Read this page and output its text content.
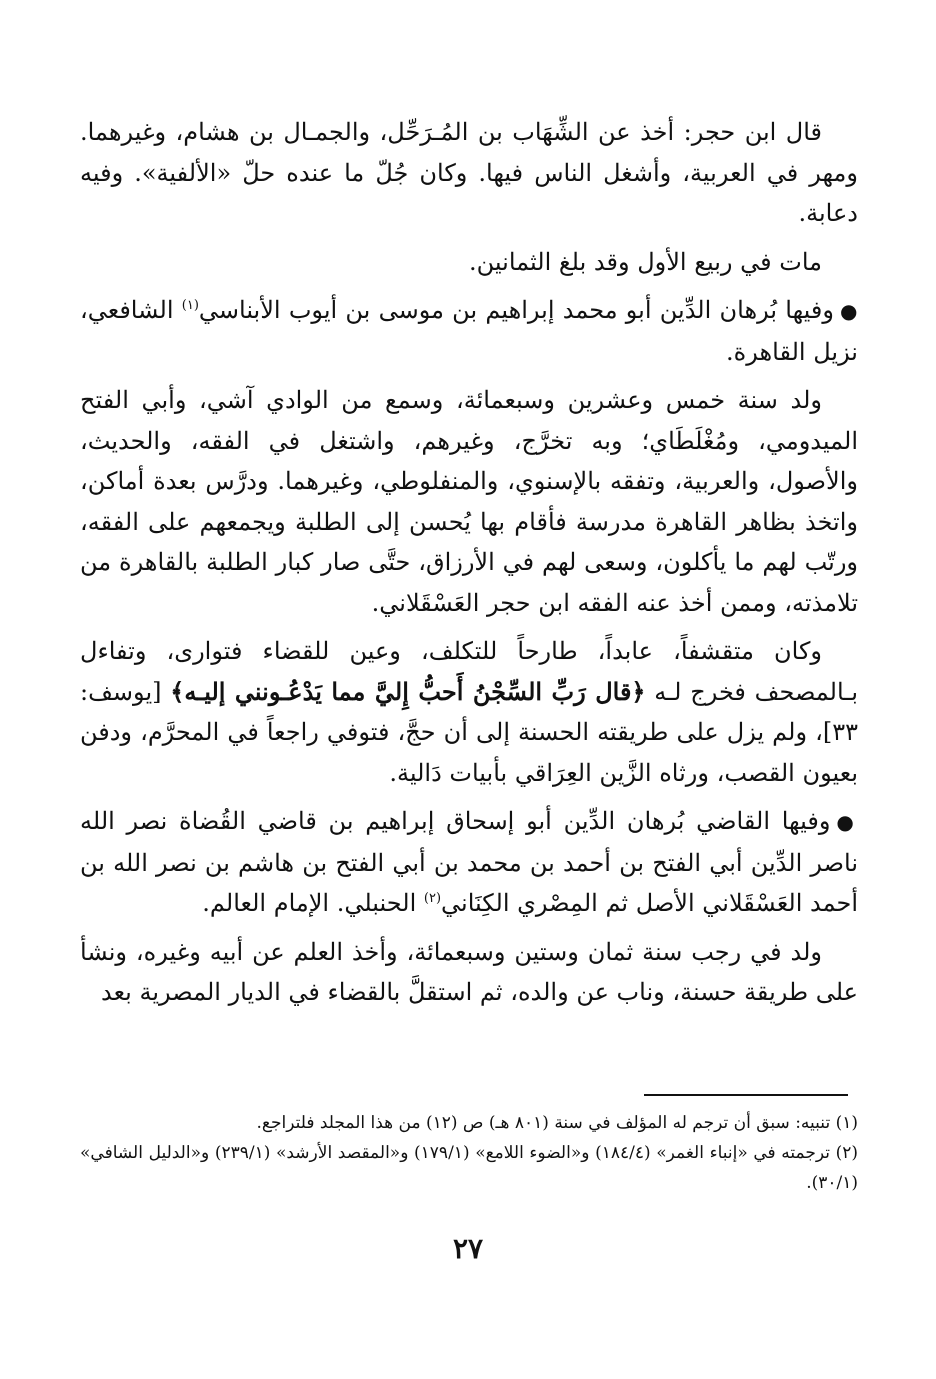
قال ابن حجر: أخذ عن الشِّهَاب بن المُـرَحِّل، والجمـال بن هشام، وغيرهما. ومهر في العربية، وأشغل الناس فيها. وكان جُلّ ما عنده حلّ «الألفية». وفيه دعابة.

مات في ربيع الأول وقد بلغ الثمانين.

●وفيها بُرهان الدِّين أبو محمد إبراهيم بن موسى بن أيوب الأبناسي$^{(١)}$ الشافعي، نزيل القاهرة.

ولد سنة خمس وعشرين وسبعمائة، وسمع من الوادي آشي، وأبي الفتح الميدومي، ومُغْلَطَاي؛ وبه تخرَّج، وغيرهم، واشتغل في الفقه، والحديث، والأصول، والعربية، وتفقه بالإسنوي، والمنفلوطي، وغيرهما. ودرَّس بعدة أماكن، واتخذ بظاهر القاهرة مدرسة فأقام بها يُحسن إلى الطلبة ويجمعهم على الفقه، ورتّب لهم ما يأكلون، وسعى لهم في الأرزاق، حتَّى صار كبار الطلبة بالقاهرة من تلامذته، وممن أخذ عنه الفقه ابن حجر العَسْقَلاني.

وكان متقشفاً، عابداً، طارحاً للتكلف، وعين للقضاء فتوارى، وتفاءل بـالمصحف فخرج لـه ﴿قال رَبِّ السِّجْنُ أَحبُّ إِليَّ مما يَدْعُـونني إليـه﴾ [يوسف: ٣٣]، ولم يزل على طريقته الحسنة إلى أن حجَّ، فتوفي راجعاً في المحرَّم، ودفن بعيون القصب، ورثاه الزَّين العِرَاقي بأبيات دَالية.

●وفيها القاضي بُرهان الدِّين أبو إسحاق إبراهيم بن قاضي القُضاة نصر الله ناصر الدِّين أبي الفتح بن أحمد بن محمد بن أبي الفتح بن هاشم بن نصر الله بن أحمد العَسْقَلاني الأصل ثم المِصْري الكِنَاني$^{(٢)}$ الحنبلي. الإمام العالم.

ولد في رجب سنة ثمان وستين وسبعمائة، وأخذ العلم عن أبيه وغيره، ونشأ على طريقة حسنة، وناب عن والده، ثم استقلَّ بالقضاء في الديار المصرية بعد

(١) تنبيه: سبق أن ترجم له المؤلف في سنة (٨٠١ هـ) ص (١٢) من هذا المجلد فلتراجع.

(٢) ترجمته في «إنباء الغمر» (١٨٤/٤) و«الضوء اللامع» (١٧٩/١) و«المقصد الأرشد» (٢٣٩/١) و«الدليل الشافي» (٣٠/١).

٢٧
